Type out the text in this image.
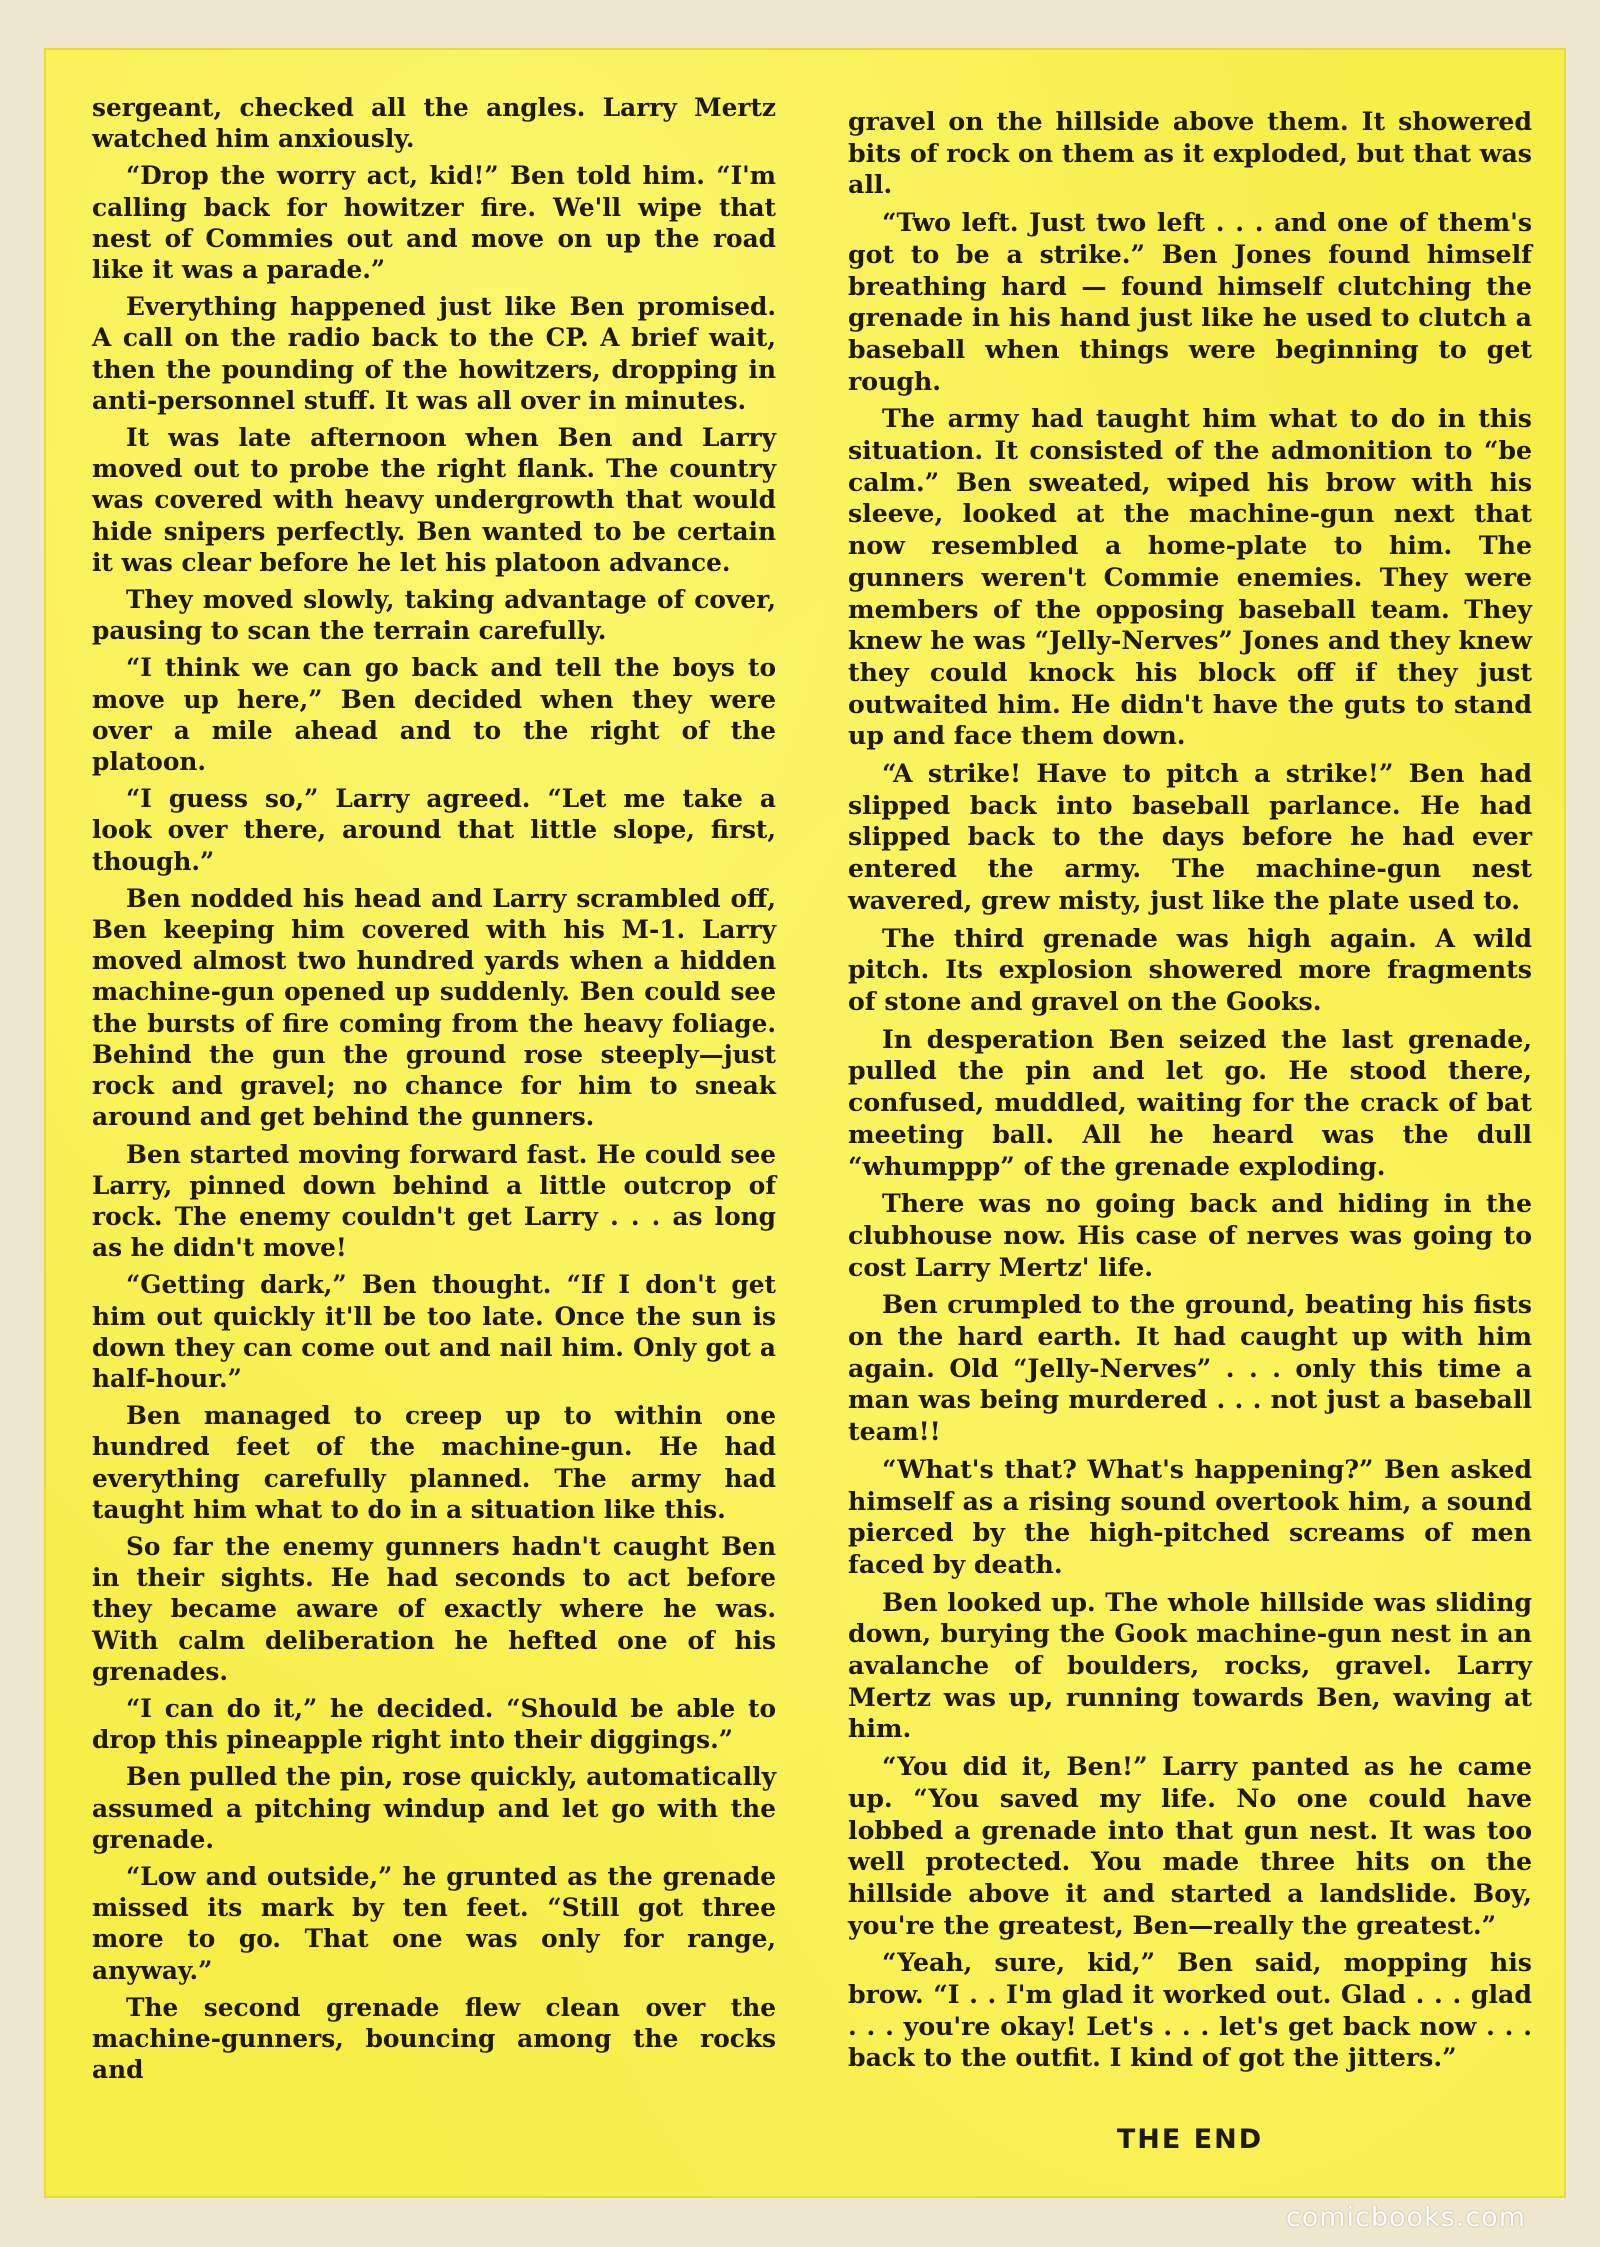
sergeant, checked all the angles. Larry Mertz watched him anxiously.

“Drop the worry act, kid!” Ben told him. “I'm calling back for howitzer fire. We'll wipe that nest of Commies out and move on up the road like it was a parade.”

Everything happened just like Ben promised. A call on the radio back to the CP. A brief wait, then the pounding of the howitzers, dropping in anti-personnel stuff. It was all over in minutes.

It was late afternoon when Ben and Larry moved out to probe the right flank. The country was covered with heavy undergrowth that would hide snipers perfectly. Ben wanted to be certain it was clear before he let his platoon advance.

They moved slowly, taking advantage of cover, pausing to scan the terrain carefully.

“I think we can go back and tell the boys to move up here,” Ben decided when they were over a mile ahead and to the right of the platoon.

“I guess so,” Larry agreed. “Let me take a look over there, around that little slope, first, though.”

Ben nodded his head and Larry scrambled off, Ben keeping him covered with his M-1. Larry moved almost two hundred yards when a hidden machine-gun opened up suddenly. Ben could see the bursts of fire coming from the heavy foliage. Behind the gun the ground rose steeply—just rock and gravel; no chance for him to sneak around and get behind the gunners.

Ben started moving forward fast. He could see Larry, pinned down behind a little outcrop of rock. The enemy couldn't get Larry . . . as long as he didn't move!

“Getting dark,” Ben thought. “If I don't get him out quickly it'll be too late. Once the sun is down they can come out and nail him. Only got a half-hour.”

Ben managed to creep up to within one hundred feet of the machine-gun. He had everything carefully planned. The army had taught him what to do in a situation like this.

So far the enemy gunners hadn't caught Ben in their sights. He had seconds to act before they became aware of exactly where he was. With calm deliberation he hefted one of his grenades.

“I can do it,” he decided. “Should be able to drop this pineapple right into their diggings.”

Ben pulled the pin, rose quickly, automatically assumed a pitching windup and let go with the grenade.

“Low and outside,” he grunted as the grenade missed its mark by ten feet. “Still got three more to go. That one was only for range, anyway.”

The second grenade flew clean over the machine-gunners, bouncing among the rocks and

gravel on the hillside above them. It showered bits of rock on them as it exploded, but that was all.

“Two left. Just two left . . . and one of them's got to be a strike.” Ben Jones found himself breathing hard — found himself clutching the grenade in his hand just like he used to clutch a baseball when things were beginning to get rough.

The army had taught him what to do in this situation. It consisted of the admonition to “be calm.” Ben sweated, wiped his brow with his sleeve, looked at the machine-gun next that now resembled a home-plate to him. The gunners weren't Commie enemies. They were members of the opposing baseball team. They knew he was “Jelly-Nerves” Jones and they knew they could knock his block off if they just outwaited him. He didn't have the guts to stand up and face them down.

“A strike! Have to pitch a strike!” Ben had slipped back into baseball parlance. He had slipped back to the days before he had ever entered the army. The machine-gun nest wavered, grew misty, just like the plate used to.

The third grenade was high again. A wild pitch. Its explosion showered more fragments of stone and gravel on the Gooks.

In desperation Ben seized the last grenade, pulled the pin and let go. He stood there, confused, muddled, waiting for the crack of bat meeting ball. All he heard was the dull “whumppp” of the grenade exploding.

There was no going back and hiding in the clubhouse now. His case of nerves was going to cost Larry Mertz' life.

Ben crumpled to the ground, beating his fists on the hard earth. It had caught up with him again. Old “Jelly-Nerves” . . . only this time a man was being murdered . . . not just a baseball team!!

“What's that? What's happening?” Ben asked himself as a rising sound overtook him, a sound pierced by the high-pitched screams of men faced by death.

Ben looked up. The whole hillside was sliding down, burying the Gook machine-gun nest in an avalanche of boulders, rocks, gravel. Larry Mertz was up, running towards Ben, waving at him.

“You did it, Ben!” Larry panted as he came up. “You saved my life. No one could have lobbed a grenade into that gun nest. It was too well protected. You made three hits on the hillside above it and started a landslide. Boy, you're the greatest, Ben—really the greatest.”

“Yeah, sure, kid,” Ben said, mopping his brow. “I . . I'm glad it worked out. Glad . . . glad . . . you're okay! Let's . . . let's get back now . . . back to the outfit. I kind of got the jitters.”

THE END
comicbooks.com
